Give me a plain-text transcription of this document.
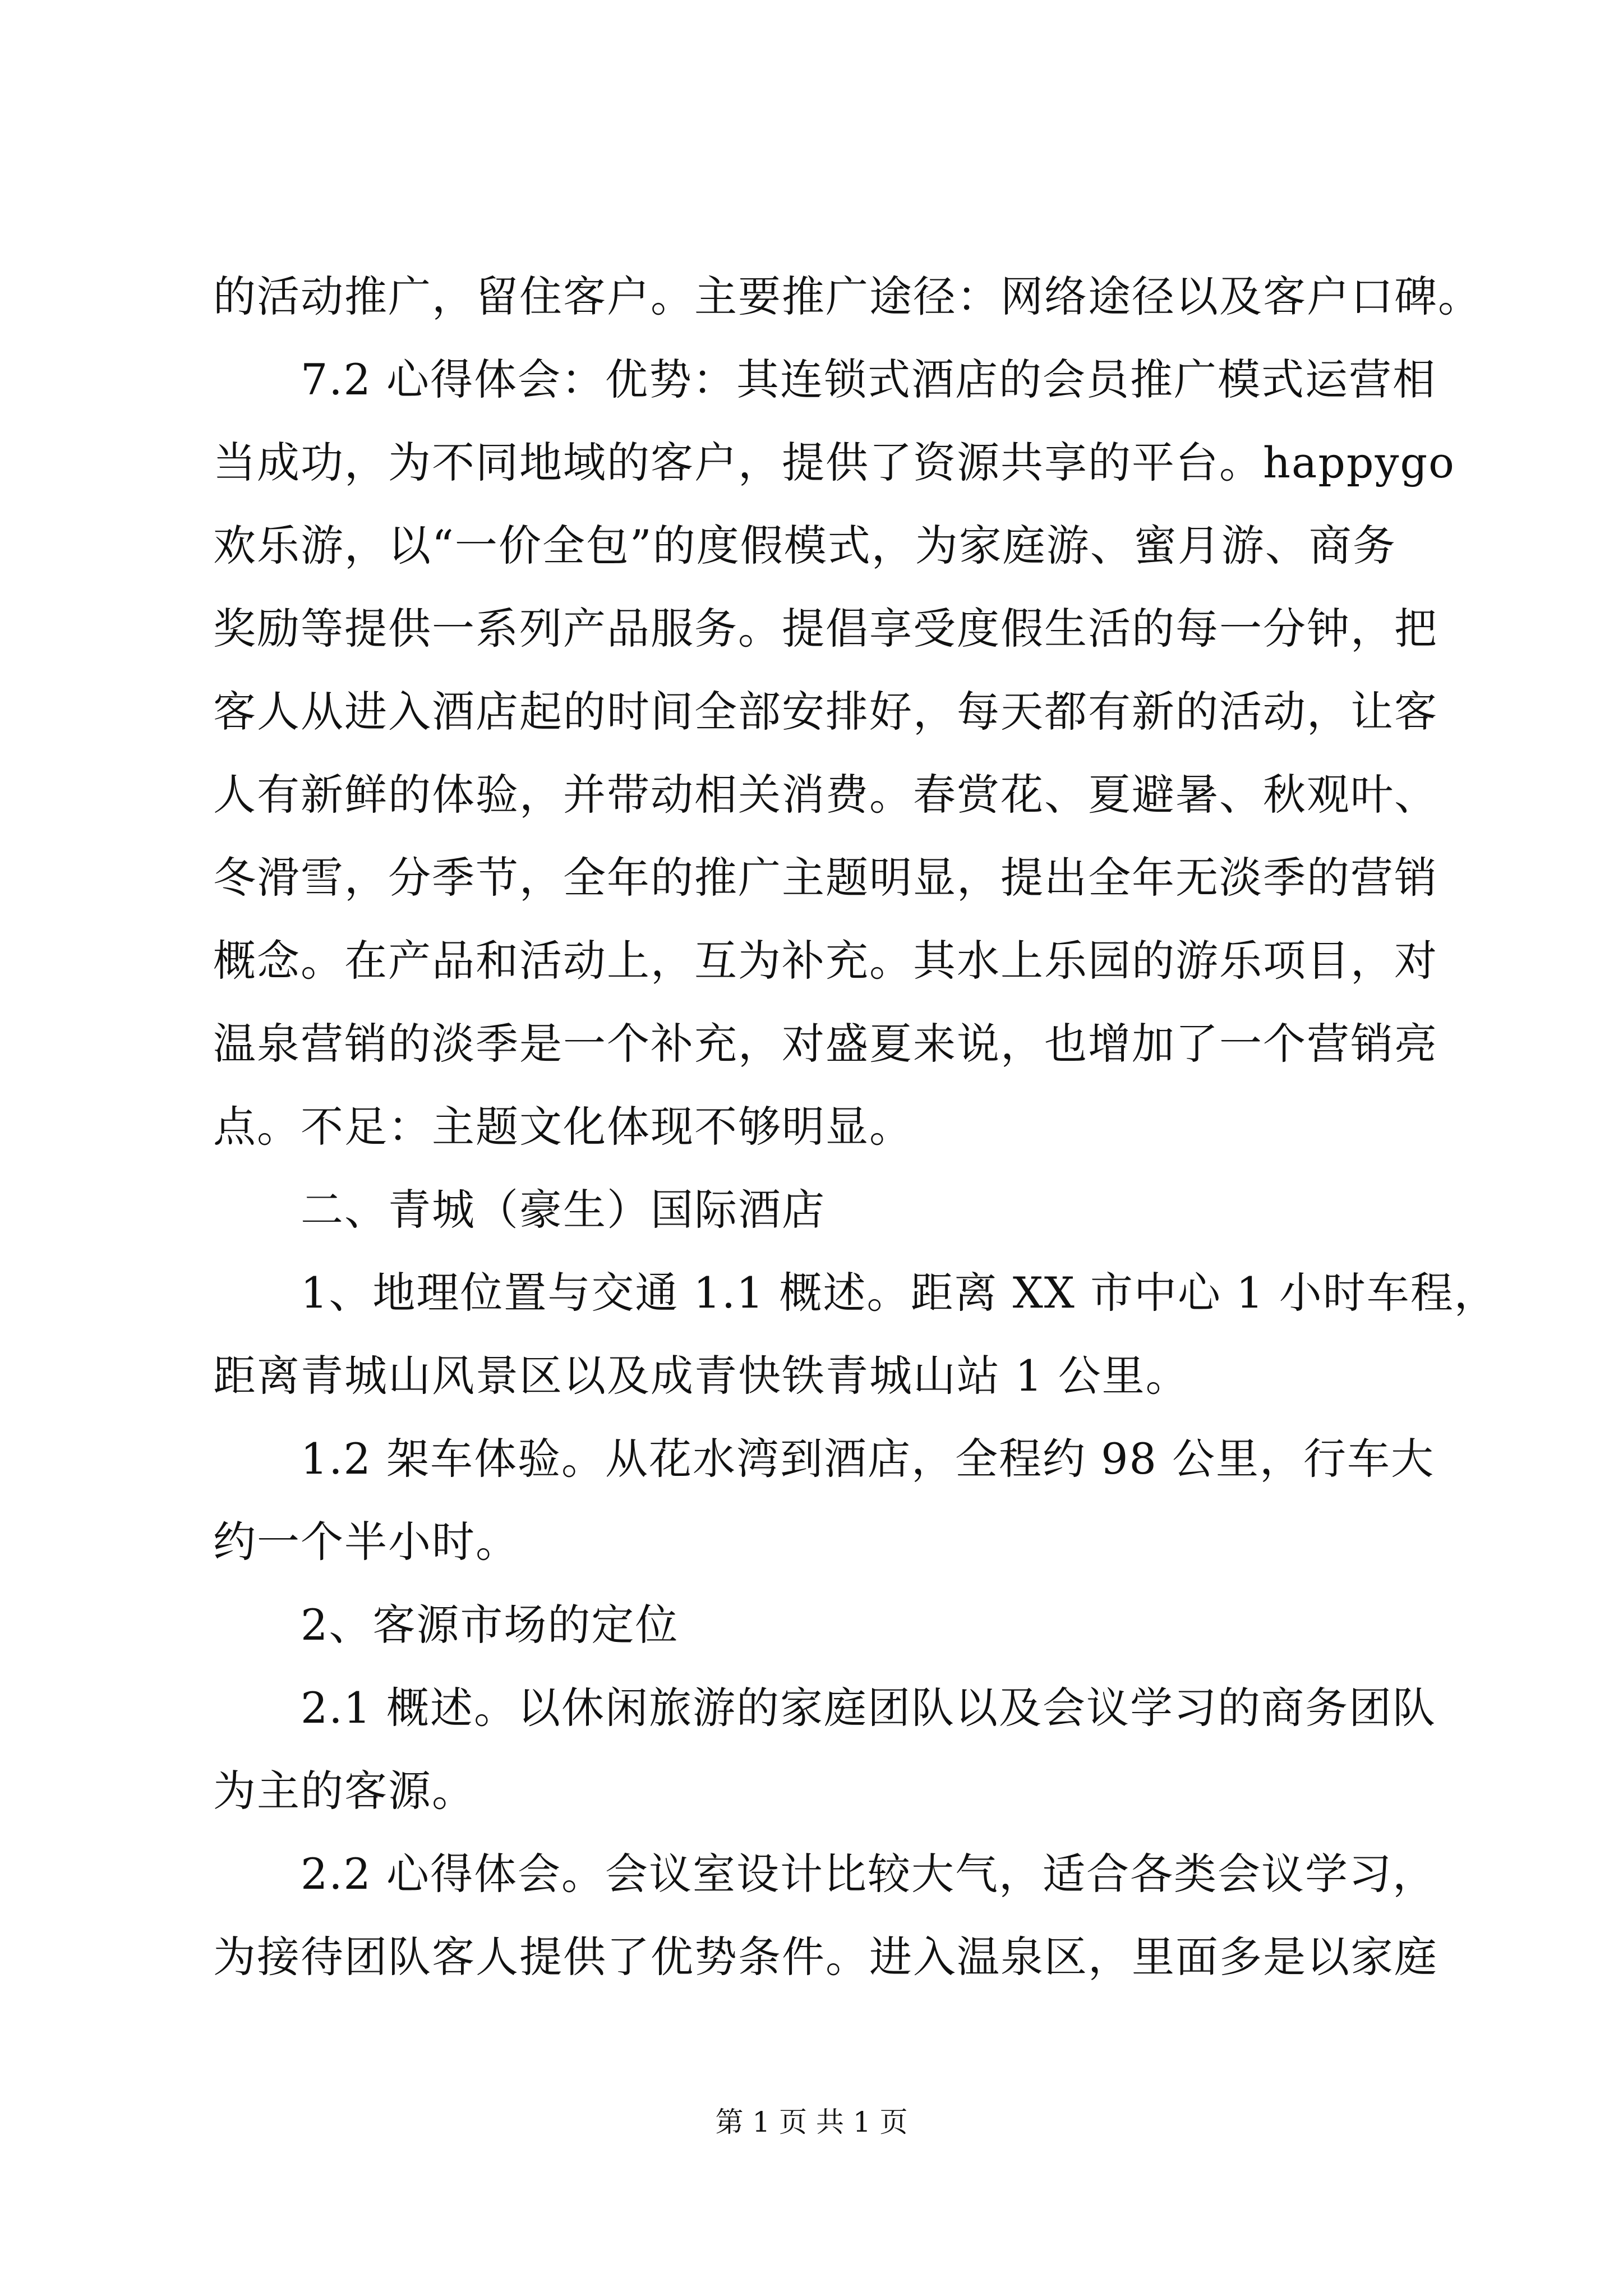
的活动推广，留住客户。主要推广途径：网络途径以及客户口碑。
7.2 心得体会：优势：其连锁式酒店的会员推广模式运营相
当成功，为不同地域的客户，提供了资源共享的平台。happygo
欢乐游，以“一价全包”的度假模式，为家庭游、蜜月游、商务
奖励等提供一系列产品服务。提倡享受度假生活的每一分钟，把
客人从进入酒店起的时间全部安排好，每天都有新的活动，让客
人有新鲜的体验，并带动相关消费。春赏花、夏避暑、秋观叶、
冬滑雪，分季节，全年的推广主题明显，提出全年无淡季的营销
概念。在产品和活动上，互为补充。其水上乐园的游乐项目，对
温泉营销的淡季是一个补充，对盛夏来说，也增加了一个营销亮
点。不足：主题文化体现不够明显。
二、青城（豪生）国际酒店
1、地理位置与交通 1.1 概述。距离 XX 市中心 1 小时车程，
距离青城山风景区以及成青快铁青城山站 1 公里。
1.2 架车体验。从花水湾到酒店，全程约 98 公里，行车大
约一个半小时。
2、客源市场的定位
2.1 概述。以休闲旅游的家庭团队以及会议学习的商务团队
为主的客源。
2.2 心得体会。会议室设计比较大气，适合各类会议学习，
为接待团队客人提供了优势条件。进入温泉区，里面多是以家庭
第 1 页 共 1 页
